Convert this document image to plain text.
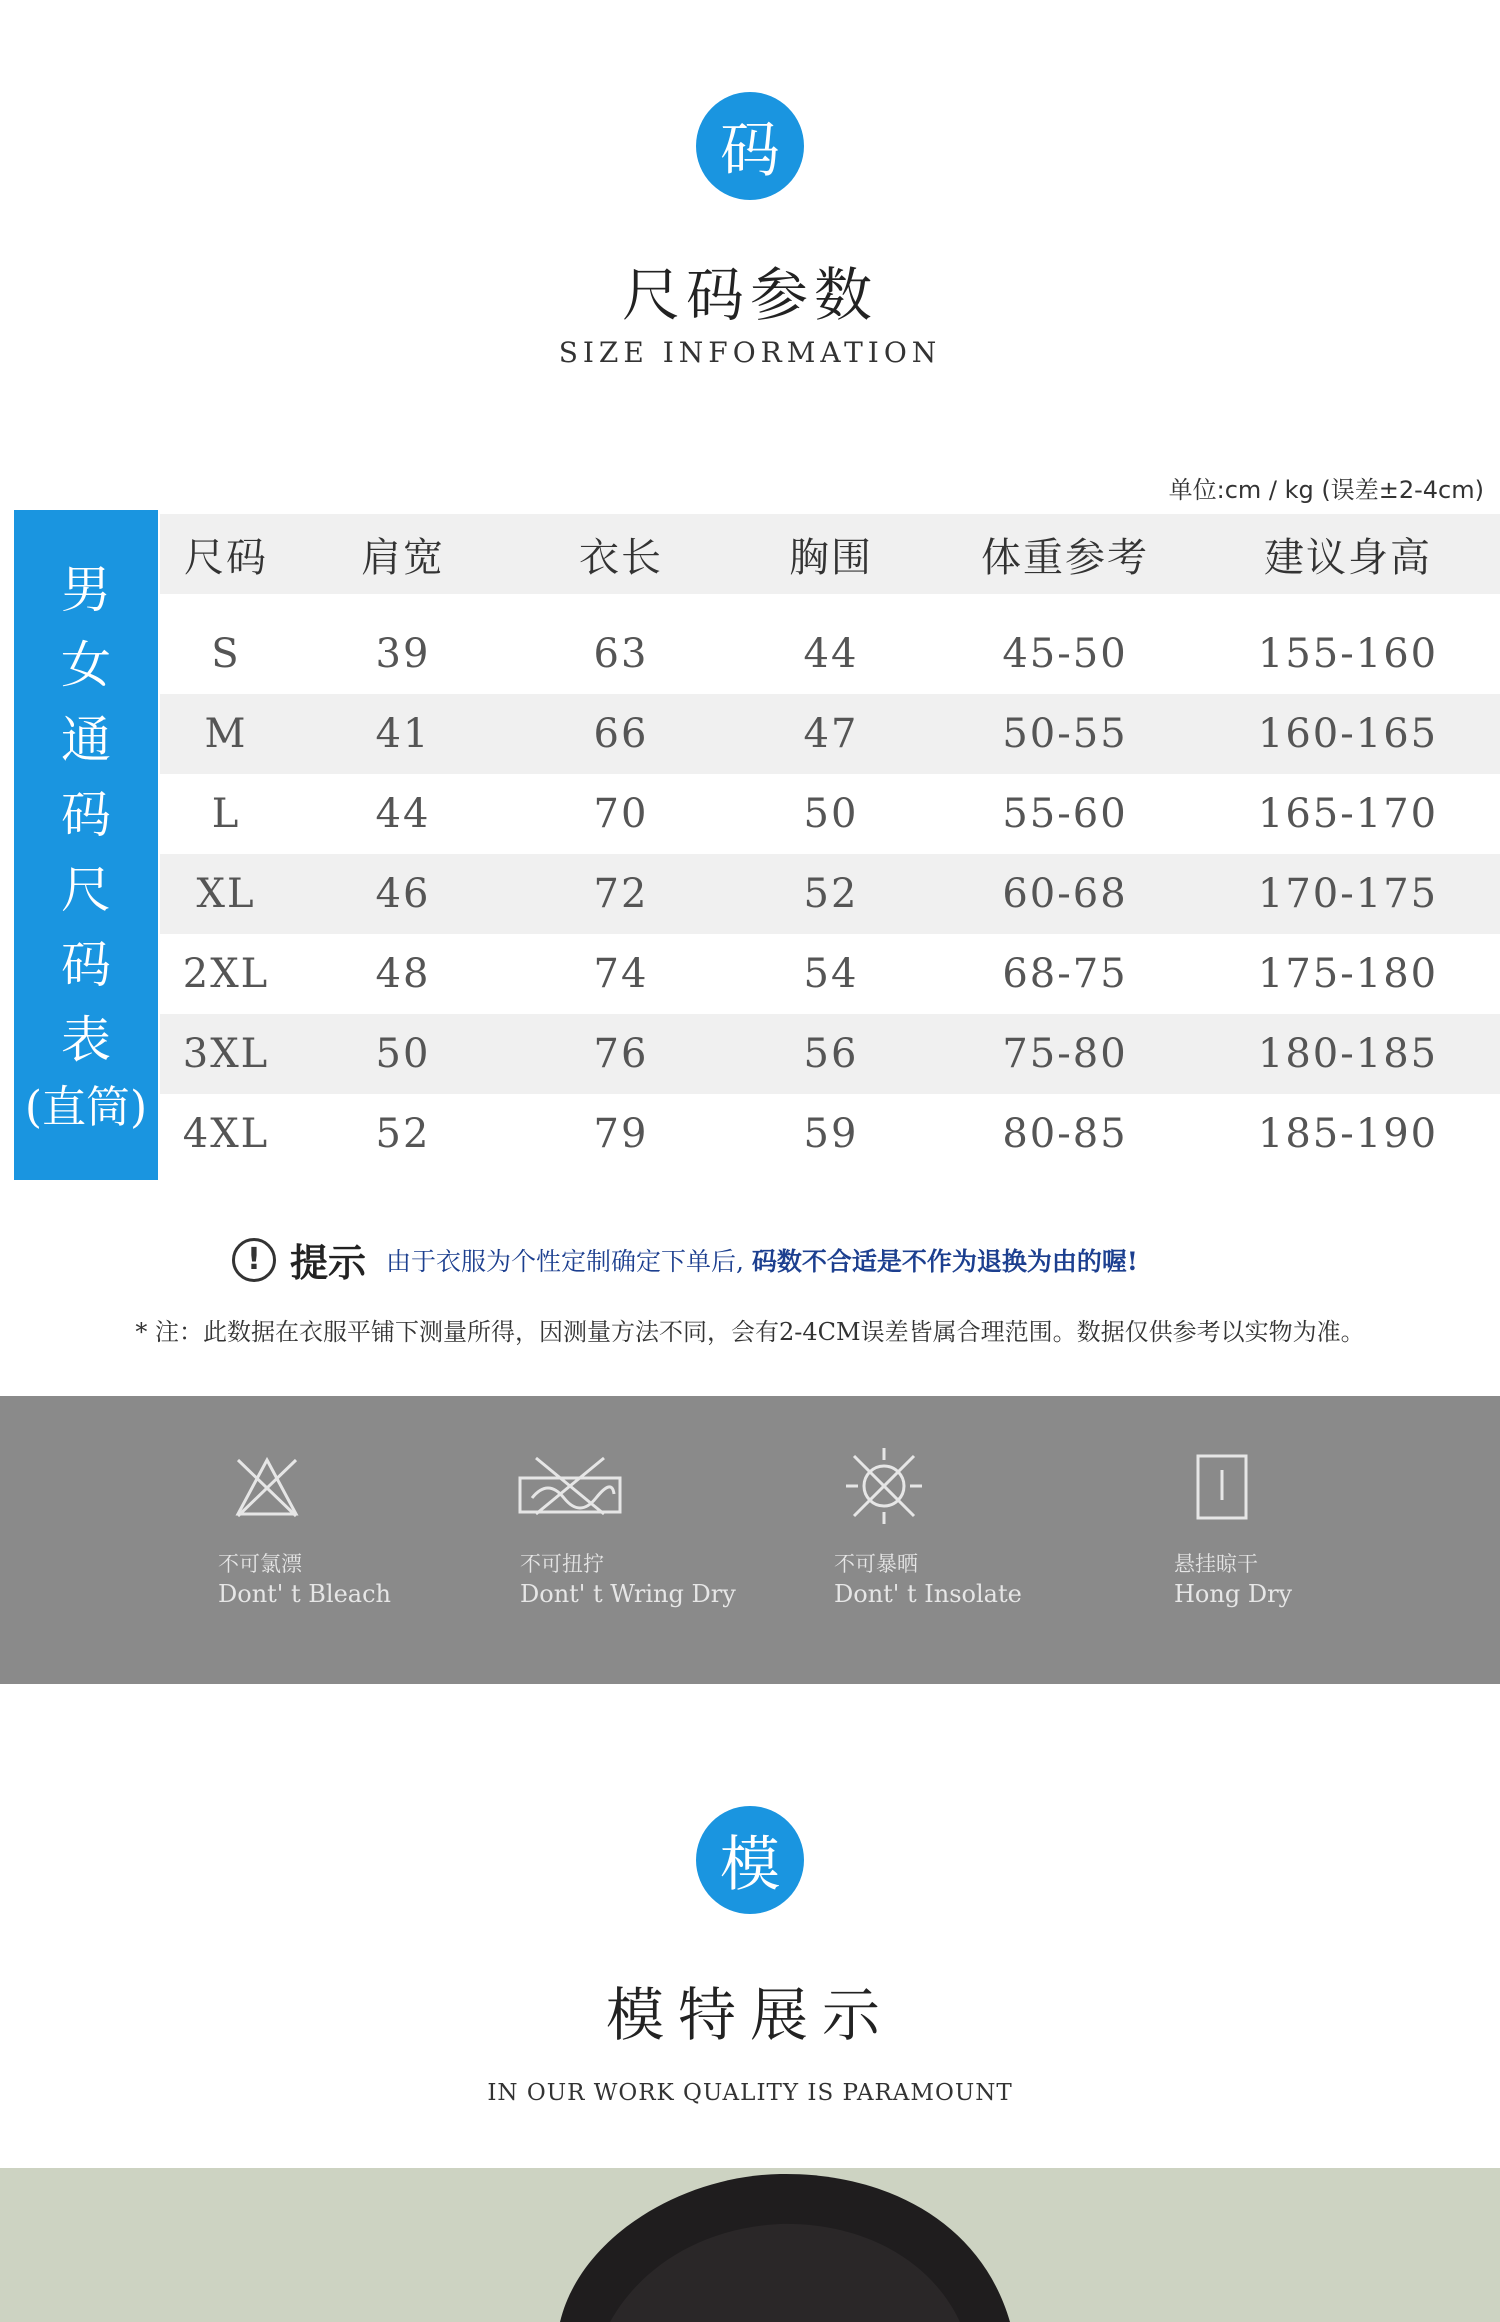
码
尺码参数
SIZE INFORMATION
单位:cm / kg (误差±2-4cm)
男
女
通
码
尺
码
表
(直筒)
尺码	肩宽	衣长	胸围	体重参考	建议身高
S	39	63	44	45-50	155-160
M	41	66	47	50-55	160-165
L	44	70	50	55-60	165-170
XL	46	72	52	60-68	170-175
2XL	48	74	54	68-75	175-180
3XL	50	76	56	75-80	180-185
4XL	52	79	59	80-85	185-190
! 提示 由于衣服为个性定制确定下单后, 码数不合适是不作为退换为由的喔!
* 注：此数据在衣服平铺下测量所得，因测量方法不同，会有2-4CM误差皆属合理范围。数据仅供参考以实物为准。
不可氯漂
Dont' t Bleach
不可扭拧
Dont' t Wring Dry
不可暴晒
Dont' t Insolate
悬挂晾干
Hong Dry
模
模特展示
IN OUR WORK QUALITY IS PARAMOUNT
